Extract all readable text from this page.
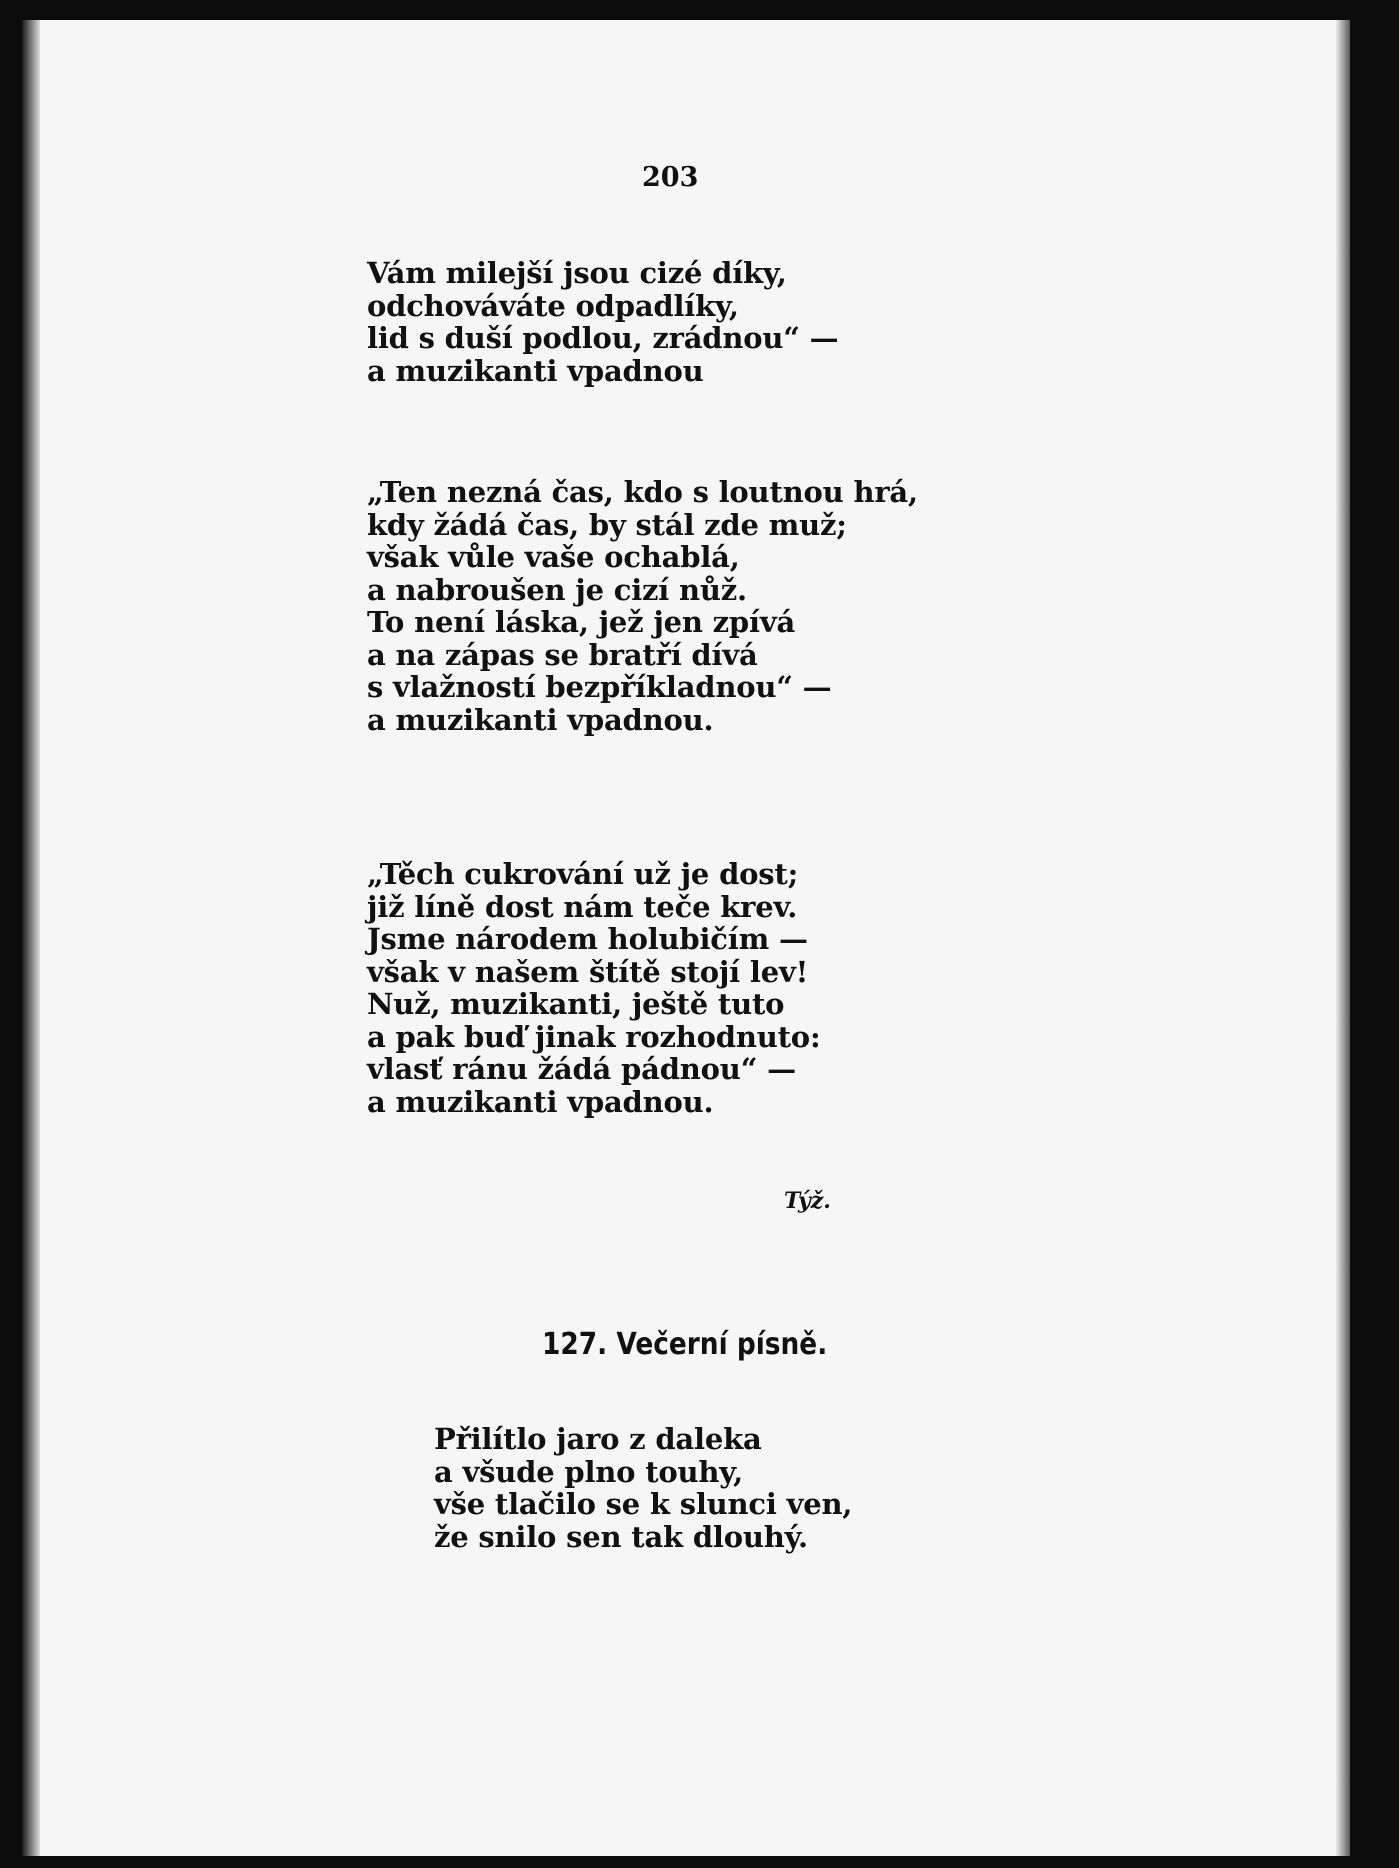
203
Vám milejší jsou cizé díky,
odchováváte odpadlíky,
lid s duší podlou, zrádnou“ —
a muzikanti vpadnou
„Ten nezná čas, kdo s loutnou hrá,
kdy žádá čas, by stál zde muž;
však vůle vaše ochablá,
a nabroušen je cizí nůž.
To není láska, jež jen zpívá
a na zápas se bratří dívá
s vlažností bezpříkladnou“ —
a muzikanti vpadnou.
„Těch cukrování už je dost;
již líně dost nám teče krev.
Jsme národem holubičím —
však v našem štítě stojí lev!
Nuž, muzikanti, ještě tuto
a pak buď jinak rozhodnuto:
vlasť ránu žádá pádnou“ —
a muzikanti vpadnou.
Týž.
127. Večerní písně.
Přilítlo jaro z daleka
a všude plno touhy,
vše tlačilo se k slunci ven,
že snilo sen tak dlouhý.
